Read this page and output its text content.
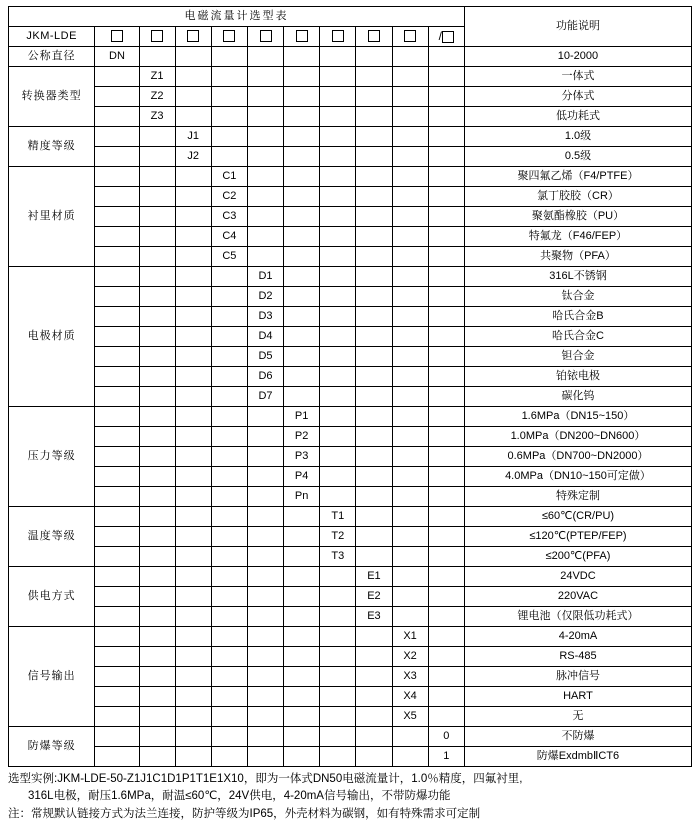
电磁流量计选型表											功能说明
JKM-LDE										/	
公称直径	DN										10-2000
转换器类型		Z1									一体式
		Z2									分体式
		Z3									低功耗式
精度等级			J1								1.0级
			J2								0.5级
衬里材质				C1							聚四氟乙烯（F4/PTFE）
				C2							氯丁胶胶（CR）
				C3							聚氨酯橡胶（PU）
				C4							特氟龙（F46/FEP）
				C5							共聚物（PFA）
电极材质					D1						316L不锈钢
					D2						钛合金
					D3						哈氏合金B
					D4						哈氏合金C
					D5						钽合金
					D6						铂铱电极
					D7						碳化钨
压力等级						P1					1.6MPa（DN15~150）
						P2					1.0MPa（DN200~DN600）
						P3					0.6MPa（DN700~DN2000）
						P4					4.0MPa（DN10~150可定做）
						Pn					特殊定制
温度等级							T1				≤60℃(CR/PU)
							T2				≤120℃(PTEP/FEP)
							T3				≤200℃(PFA)
供电方式								E1			24VDC
								E2			220VAC
								E3			锂电池（仅限低功耗式）
信号输出									X1		4-20mA
									X2		RS-485
									X3		脉冲信号
									X4		HART
									X5		无
防爆等级										0	不防爆
										1	防爆ExdmbⅡCT6

选型实例:JKM-LDE-50-Z1J1C1D1P1T1E1X10，即为一体式DN50电磁流量计，1.0％精度，四氟衬里,

316L电极，耐压1.6MPa，耐温≤60℃，24V供电，4-20mA信号输出，不带防爆功能

注：常规默认链接方式为法兰连接，防护等级为IP65，外壳材料为碳钢，如有特殊需求可定制
